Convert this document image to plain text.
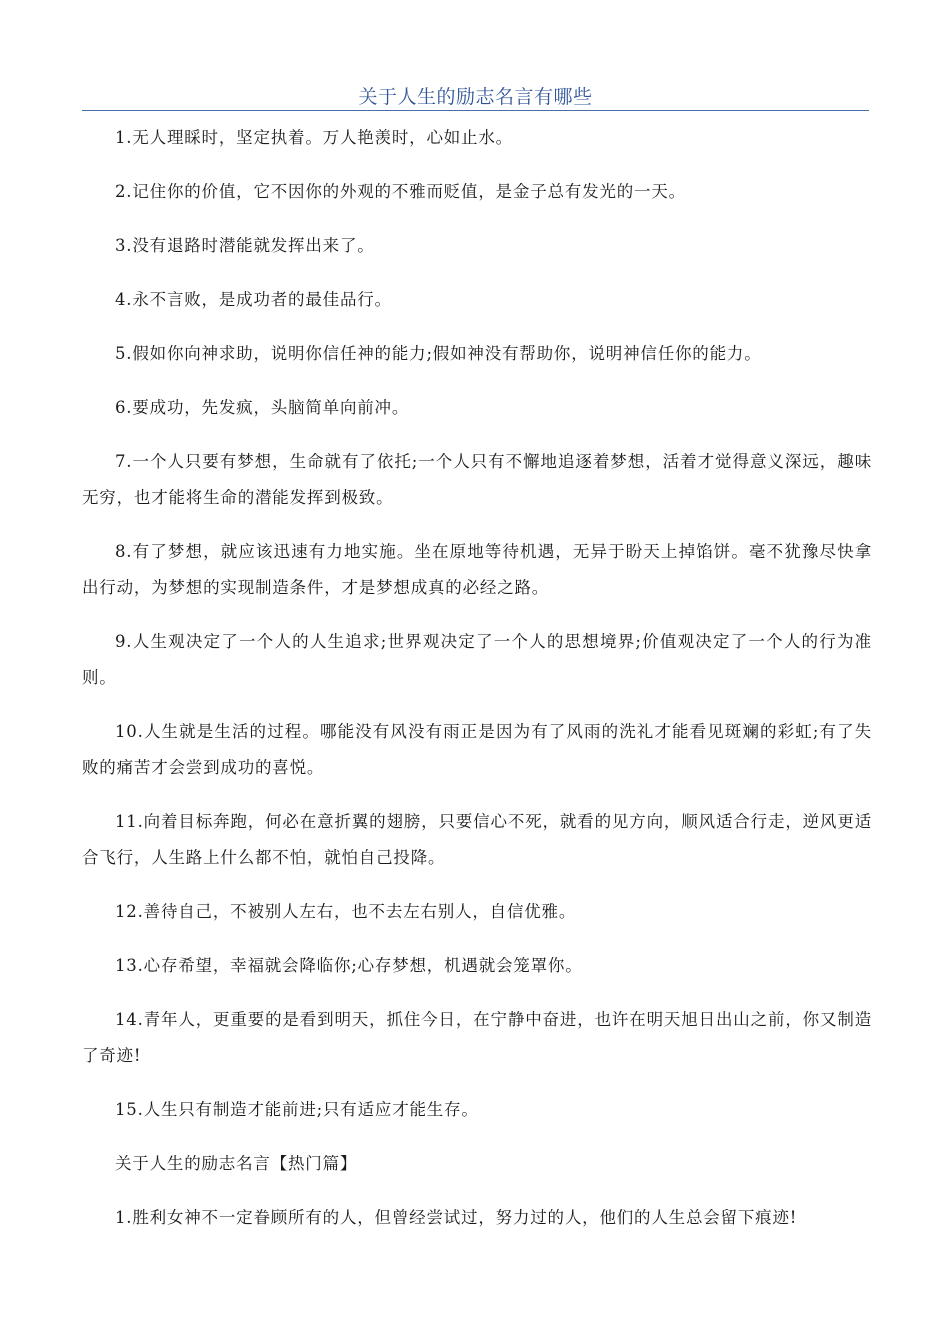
关于人生的励志名言有哪些

1.无人理睬时，坚定执着。万人艳羡时，心如止水。

2.记住你的价值，它不因你的外观的不雅而贬值，是金子总有发光的一天。

3.没有退路时潜能就发挥出来了。

4.永不言败，是成功者的最佳品行。

5.假如你向神求助，说明你信任神的能力;假如神没有帮助你，说明神信任你的能力。

6.要成功，先发疯，头脑简单向前冲。

7.一个人只要有梦想，生命就有了依托;一个人只有不懈地追逐着梦想，活着才觉得意义深远，趣味无穷，也才能将生命的潜能发挥到极致。

8.有了梦想，就应该迅速有力地实施。坐在原地等待机遇，无异于盼天上掉馅饼。毫不犹豫尽快拿出行动，为梦想的实现制造条件，才是梦想成真的必经之路。

9.人生观决定了一个人的人生追求;世界观决定了一个人的思想境界;价值观决定了一个人的行为准则。

10.人生就是生活的过程。哪能没有风没有雨正是因为有了风雨的洗礼才能看见斑斓的彩虹;有了失败的痛苦才会尝到成功的喜悦。

11.向着目标奔跑，何必在意折翼的翅膀，只要信心不死，就看的见方向，顺风适合行走，逆风更适合飞行，人生路上什么都不怕，就怕自己投降。

12.善待自己，不被别人左右，也不去左右别人，自信优雅。

13.心存希望，幸福就会降临你;心存梦想，机遇就会笼罩你。

14.青年人，更重要的是看到明天，抓住今日，在宁静中奋进，也许在明天旭日出山之前，你又制造了奇迹!

15.人生只有制造才能前进;只有适应才能生存。

关于人生的励志名言【热门篇】

1.胜利女神不一定眷顾所有的人，但曾经尝试过，努力过的人，他们的人生总会留下痕迹!
